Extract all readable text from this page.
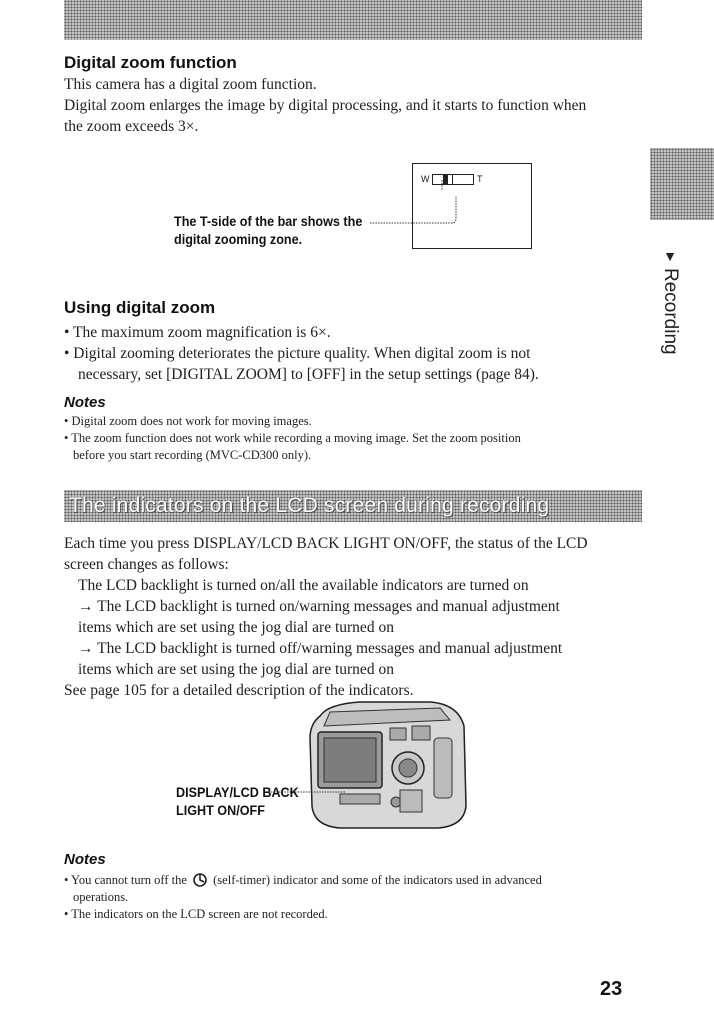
▼
Recording
Digital zoom function
This camera has a digital zoom function.
Digital zoom enlarges the image by digital processing, and it starts to function when
the zoom exceeds 3×.
W	T
The T-side of the bar shows the
digital zooming zone.
Using digital zoom
• The maximum zoom magnification is 6×.
• Digital zooming deteriorates the picture quality. When digital zoom is not
necessary, set [DIGITAL ZOOM] to [OFF] in the setup settings (page 84).
Notes
• Digital zoom does not work for moving images.
• The zoom function does not work while recording a moving image. Set the zoom position
before you start recording (MVC-CD300 only).
The indicators on the LCD screen during recording
Each time you press DISPLAY/LCD BACK LIGHT ON/OFF, the status of the LCD
screen changes as follows:
The LCD backlight is turned on/all the available indicators are turned on
→ The LCD backlight is turned on/warning messages and manual adjustment
items which are set using the jog dial are turned on
→ The LCD backlight is turned off/warning messages and manual adjustment
items which are set using the jog dial are turned on
See page 105 for a detailed description of the indicators.
DISPLAY/LCD BACK
LIGHT ON/OFF
Notes
• You cannot turn off the (self-timer) indicator and some of the indicators used in advanced
operations.
• The indicators on the LCD screen are not recorded.
23
